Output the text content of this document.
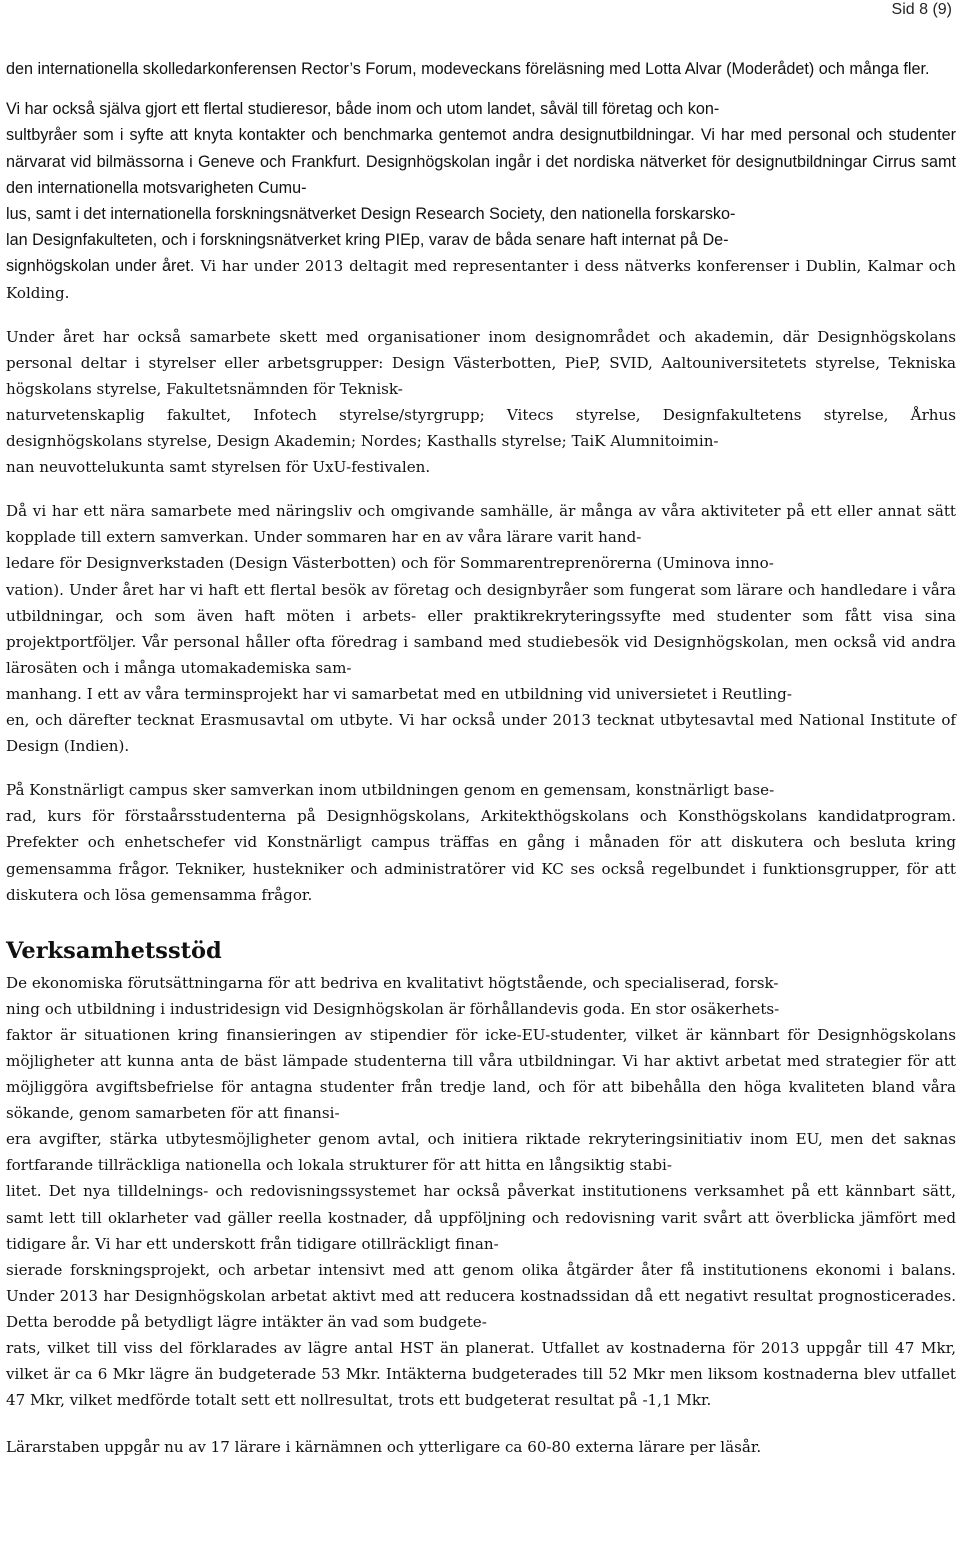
Sid 8 (9)

den internationella skolledarkonferensen Rector’s Forum, modeveckans föreläsning med Lotta Alvar (Moderådet) och många fler.

Vi har också själva gjort ett flertal studieresor, både inom och utom landet, såväl till företag och kon-
sultbyråer som i syfte att knyta kontakter och benchmarka gentemot andra designutbildningar. Vi har med personal och studenter närvarat vid bilmässorna i Geneve och Frankfurt. Designhögskolan ingår i det nordiska nätverket för designutbildningar Cirrus samt den internationella motsvarigheten Cumu-
lus, samt i det internationella forskningsnätverket Design Research Society, den nationella forskarsko-
lan Designfakulteten, och i forskningsnätverket kring PIEp, varav de båda senare haft internat på De-
signhögskolan under året. Vi har under 2013 deltagit med representanter i dess nätverks konferenser i Dublin, Kalmar och Kolding.

Under året har också samarbete skett med organisationer inom designområdet och akademin, där Designhögskolans personal deltar i styrelser eller arbetsgrupper: Design Västerbotten, PieP, SVID, Aaltouniversitetets styrelse, Tekniska högskolans styrelse, Fakultetsnämnden för Teknisk-
naturvetenskaplig fakultet, Infotech styrelse/styrgrupp; Vitecs styrelse, Designfakultetens styrelse, Århus designhögskolans styrelse, Design Akademin; Nordes; Kasthalls styrelse; TaiK Alumnitoimin-
nan neuvottelukunta samt styrelsen för UxU-festivalen.

Då vi har ett nära samarbete med näringsliv och omgivande samhälle, är många av våra aktiviteter på ett eller annat sätt kopplade till extern samverkan. Under sommaren har en av våra lärare varit hand-
ledare för Designverkstaden (Design Västerbotten) och för Sommarentreprenörerna (Uminova inno-
vation). Under året har vi haft ett flertal besök av företag och designbyråer som fungerat som lärare och handledare i våra utbildningar, och som även haft möten i arbets- eller praktikrekryteringssyfte med studenter som fått visa sina projektportföljer. Vår personal håller ofta föredrag i samband med studiebesök vid Designhögskolan, men också vid andra lärosäten och i många utomakademiska sam-
manhang. I ett av våra terminsprojekt har vi samarbetat med en utbildning vid universietet i Reutling-
en, och därefter tecknat Erasmusavtal om utbyte. Vi har också under 2013 tecknat utbytesavtal med National Institute of Design (Indien).

På Konstnärligt campus sker samverkan inom utbildningen genom en gemensam, konstnärligt base-
rad, kurs för förstaårsstudenterna på Designhögskolans, Arkitekthögskolans och Konsthögskolans kandidatprogram. Prefekter och enhetschefer vid Konstnärligt campus träffas en gång i månaden för att diskutera och besluta kring gemensamma frågor. Tekniker, hustekniker och administratörer vid KC ses också regelbundet i funktionsgrupper, för att diskutera och lösa gemensamma frågor.

Verksamhetsstöd

De ekonomiska förutsättningarna för att bedriva en kvalitativt högtstående, och specialiserad, forsk-
ning och utbildning i industridesign vid Designhögskolan är förhållandevis goda. En stor osäkerhets-
faktor är situationen kring finansieringen av stipendier för icke-EU-studenter, vilket är kännbart för Designhögskolans möjligheter att kunna anta de bäst lämpade studenterna till våra utbildningar. Vi har aktivt arbetat med strategier för att möjliggöra avgiftsbefrielse för antagna studenter från tredje land, och för att bibehålla den höga kvaliteten bland våra sökande, genom samarbeten för att finansi-
era avgifter, stärka utbytesmöjligheter genom avtal, och initiera riktade rekryteringsinitiativ inom EU, men det saknas fortfarande tillräckliga nationella och lokala strukturer för att hitta en långsiktig stabi-
litet. Det nya tilldelnings- och redovisningssystemet har också påverkat institutionens verksamhet på ett kännbart sätt, samt lett till oklarheter vad gäller reella kostnader, då uppföljning och redovisning varit svårt att överblicka jämfört med tidigare år. Vi har ett underskott från tidigare otillräckligt finan-
sierade forskningsprojekt, och arbetar intensivt med att genom olika åtgärder åter få institutionens ekonomi i balans. Under 2013 har Designhögskolan arbetat aktivt med att reducera kostnadssidan då ett negativt resultat prognosticerades. Detta berodde på betydligt lägre intäkter än vad som budgete-
rats, vilket till viss del förklarades av lägre antal HST än planerat. Utfallet av kostnaderna för 2013 uppgår till 47 Mkr, vilket är ca 6 Mkr lägre än budgeterade 53 Mkr. Intäkterna budgeterades till 52 Mkr men liksom kostnaderna blev utfallet 47 Mkr, vilket medförde totalt sett ett nollresultat, trots ett budgeterat resultat på -1,1 Mkr.

Lärarstaben uppgår nu av 17 lärare i kärnämnen och ytterligare ca 60-80 externa lärare per läsår.
